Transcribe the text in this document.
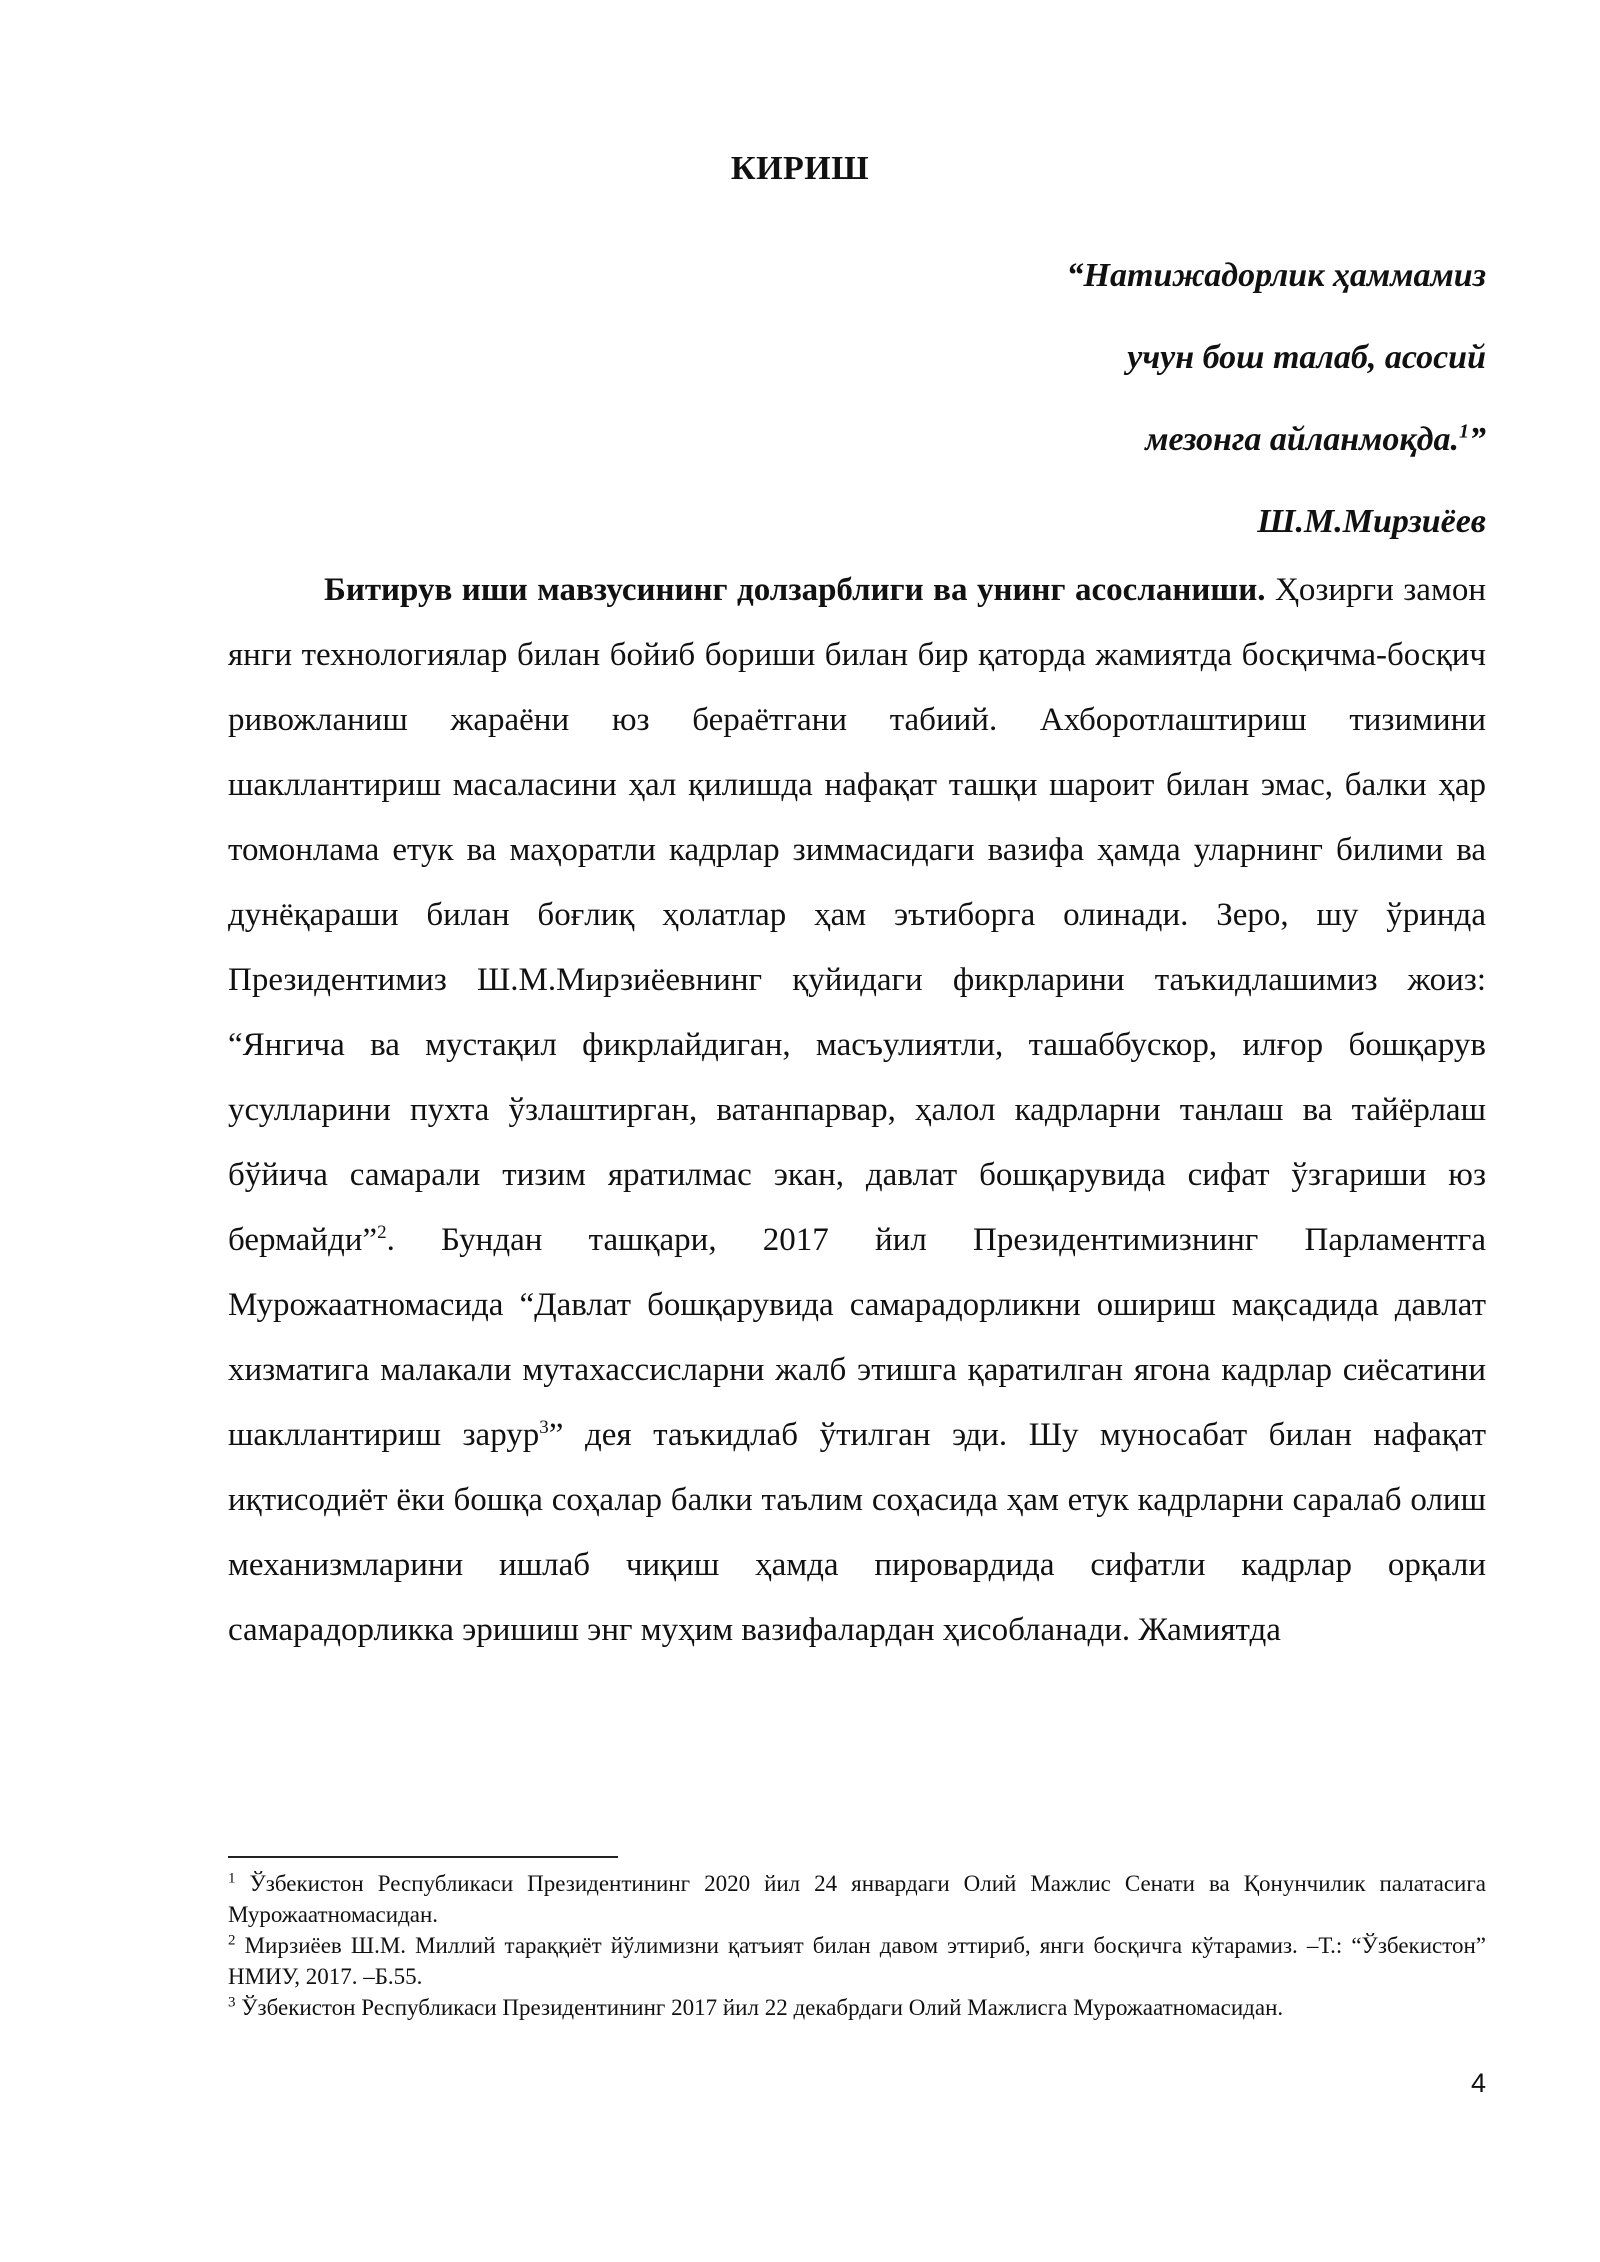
КИРИШ
“Натижадорлик ҳаммамиз
учун бош талаб, асосий
мезонга айланмоқда.$^1$”
Ш.М.Мирзиёев
Битирув иши мавзусининг долзарблиги ва унинг асосланиши. Ҳозирги замон янги технологиялар билан бойиб бориши билан бир қаторда жамиятда босқичма-босқич ривожланиш жараёни юз бераётгани табиий. Ахборотлаштириш тизимини шакллантириш масаласини ҳал қилишда нафақат ташқи шароит билан эмас, балки ҳар томонлама етук ва маҳоратли кадрлар зиммасидаги вазифа ҳамда уларнинг билими ва дунёқараши билан боғлиқ ҳолатлар ҳам эътиборга олинади. Зеро, шу ўринда Президентимиз Ш.М.Мирзиёевнинг қуйидаги фикрларини таъкидлашимиз жоиз: “Янгича ва мустақил фикрлайдиган, масъулиятли, ташаббускор, илғор бошқарув усулларини пухта ўзлаштирган, ватанпарвар, ҳалол кадрларни танлаш ва тайёрлаш бўйича самарали тизим яратилмас экан, давлат бошқарувида сифат ўзгариши юз бермайди”$^2$. Бундан ташқари, 2017 йил Президентимизнинг Парламентга Мурожаатномасида “Давлат бошқарувида самарадорликни ошириш мақсадида давлат хизматига малакали мутахассисларни жалб этишга қаратилган ягона кадрлар сиёсатини шакллантириш зарур$^3$” дея таъкидлаб ўтилган эди. Шу муносабат билан нафақат иқтисодиёт ёки бошқа соҳалар балки таълим соҳасида ҳам етук кадрларни саралаб олиш механизмларини ишлаб чиқиш ҳамда пировардида сифатли кадрлар орқали самарадорликка эришиш энг муҳим вазифалардан ҳисобланади. Жамиятда

$^1$ Ўзбекистон Республикаси Президентининг 2020 йил 24 январдаги Олий Мажлис Сенати ва Қонунчилик палатасига Мурожаатномасидан.

$^2$ Мирзиёев Ш.М. Миллий тараққиёт йўлимизни қатъият билан давом эттириб, янги босқичга кўтарамиз. –Т.: “Ўзбекистон” НМИУ, 2017. –Б.55.

$^3$ Ўзбекистон Республикаси Президентининг 2017 йил 22 декабрдаги Олий Мажлисга Мурожаатномасидан.

4
